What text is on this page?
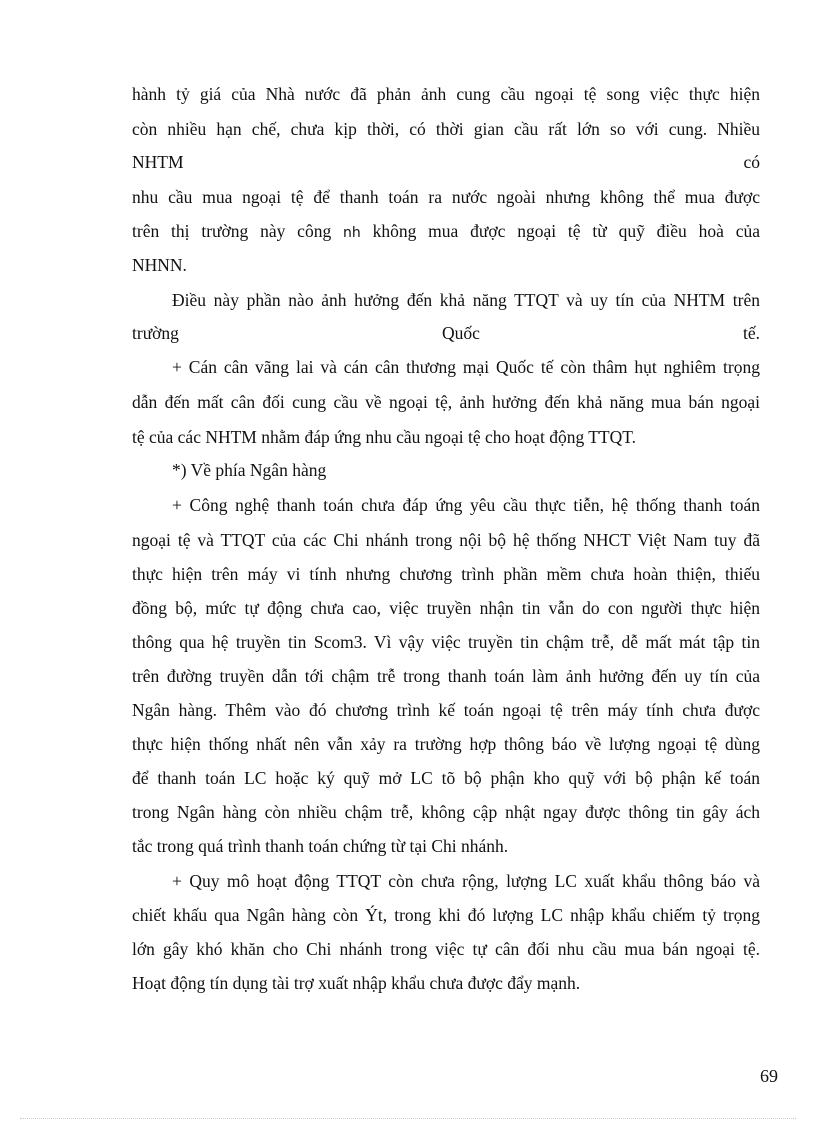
hành tỷ giá của Nhà nước đã phản ảnh cung cầu ngoại tệ song việc thực hiện
còn nhiều hạn chế, chưa kịp thời, có thời gian cầu rất lớn so với cung. Nhiều
NHTM	có
nhu cầu mua ngoại tệ để thanh toán ra nước ngoài nhưng không thể mua được
trên thị trường này công nh không mua được ngoại tệ từ quỹ điều hoà của
NHNN.
Điều này phần nào ảnh hưởng đến khả năng TTQT và uy tín của NHTM trên
trường	Quốc	tế.
+ Cán cân vãng lai và cán cân thương mại Quốc tế còn thâm hụt nghiêm trọng
dẫn đến mất cân đối cung cầu về ngoại tệ, ảnh hưởng đến khả năng mua bán ngoại
tệ của các NHTM nhằm đáp ứng nhu cầu ngoại tệ cho hoạt động TTQT.
*) Về phía Ngân hàng
+ Công nghệ thanh toán chưa đáp ứng yêu cầu thực tiễn, hệ thống thanh toán
ngoại tệ và TTQT của các Chi nhánh trong nội bộ hệ thống NHCT Việt Nam tuy đã
thực hiện trên máy vi tính nhưng chương trình phần mềm chưa hoàn thiện, thiếu
đồng bộ, mức tự động chưa cao, việc truyền nhận tin vẫn do con người thực hiện
thông qua hệ truyền tin Scom3. Vì vậy việc truyền tin chậm trễ, dễ mất mát tập tin
trên đường truyền dẫn tới chậm trễ trong thanh toán làm ảnh hưởng đến uy tín của
Ngân hàng. Thêm vào đó chương trình kế toán ngoại tệ trên máy tính chưa được
thực hiện thống nhất nên vẫn xảy ra trường hợp thông báo về lượng ngoại tệ dùng
để thanh toán LC hoặc ký quỹ mở LC tõ bộ phận kho quỹ với bộ phận kế toán
trong Ngân hàng còn nhiều chậm trễ, không cập nhật ngay được thông tin gây ách
tắc trong quá trình thanh toán chứng từ tại Chi nhánh.
+ Quy mô hoạt động TTQT còn chưa rộng, lượng LC xuất khẩu thông báo và
chiết khấu qua Ngân hàng còn Ýt, trong khi đó lượng LC nhập khẩu chiếm tỷ trọng
lớn gây khó khăn cho Chi nhánh trong việc tự cân đối nhu cầu mua bán ngoại tệ.
Hoạt động tín dụng tài trợ xuất nhập khẩu chưa được đẩy mạnh.
69
